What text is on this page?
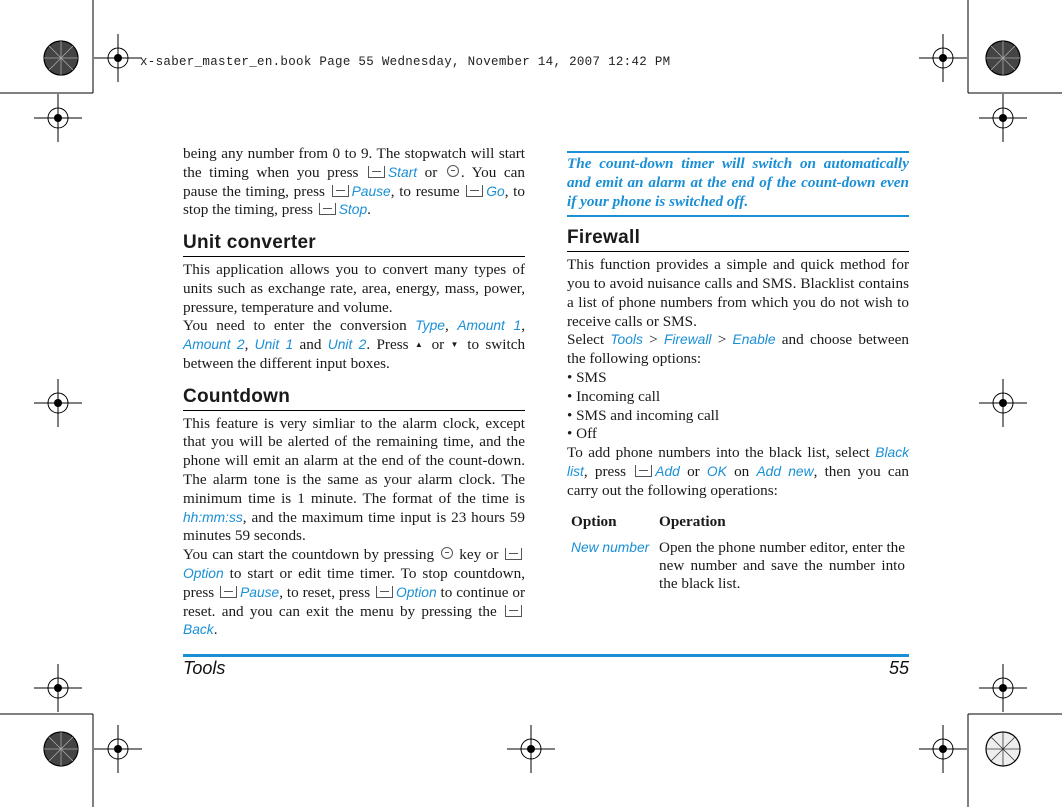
x-saber_master_en.book Page 55 Wednesday, November 14, 2007 12:42 PM

being any number from 0 to 9. The stopwatch will start the timing when you press Start or . You can pause the timing, press Pause, to resume Go, to stop the timing, press Stop.

Unit converter

This application allows you to convert many types of units such as exchange rate, area, energy, mass, power, pressure, temperature and volume.

You need to enter the conversion Type, Amount 1, Amount 2, Unit 1 and Unit 2. Press ▲ or ▼ to switch between the different input boxes.

Countdown

This feature is very simliar to the alarm clock, except that you will be alerted of the remaining time, and the phone will emit an alarm at the end of the count-down. The alarm tone is the same as your alarm clock. The minimum time is 1 minute. The format of the time is hh:mm:ss, and the maximum time input is 23 hours 59 minutes 59 seconds.

You can start the countdown by pressing  key or Option to start or edit time timer. To stop countdown, press Pause, to reset, press Option to continue or reset. and you can exit the menu by pressing the Back.

The count-down timer will switch on automatically and emit an alarm at the end of the count-down even if your phone is switched off.
Firewall

This function provides a simple and quick method for you to avoid nuisance calls and SMS. Blacklist contains a list of phone numbers from which you do not wish to receive calls or SMS.

Select Tools > Firewall > Enable and choose between the following options:

• SMS

• Incoming call

• SMS and incoming call

• Off

To add phone numbers into the black list, select Black list, press Add or OK on Add new, then you can carry out the following operations:

Option	Operation
New number	Open the phone number editor, enter the new number and save the number into the black list.
Tools	55
